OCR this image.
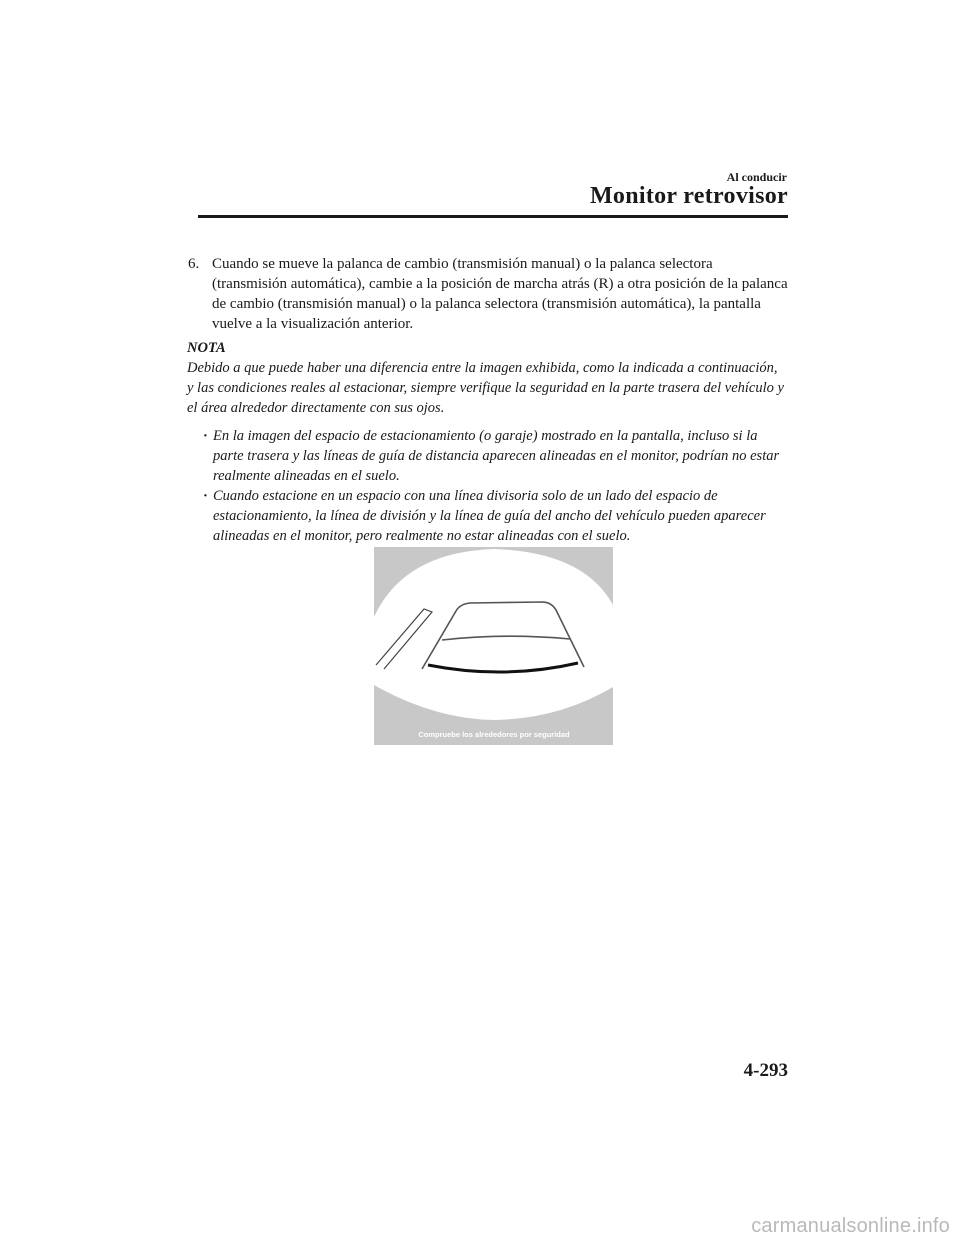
Al conducir
Monitor retrovisor
6. Cuando se mueve la palanca de cambio (transmisión manual) o la palanca selectora (transmisión automática), cambie a la posición de marcha atrás (R) a otra posición de la palanca de cambio (transmisión manual) o la palanca selectora (transmisión automática), la pantalla vuelve a la visualización anterior.
NOTA
Debido a que puede haber una diferencia entre la imagen exhibida, como la indicada a continuación, y las condiciones reales al estacionar, siempre verifique la seguridad en la parte trasera del vehículo y el área alrededor directamente con sus ojos.
· En la imagen del espacio de estacionamiento (o garaje) mostrado en la pantalla, incluso si la parte trasera y las líneas de guía de distancia aparecen alineadas en el monitor, podrían no estar realmente alineadas en el suelo.
· Cuando estacione en un espacio con una línea divisoria solo de un lado del espacio de estacionamiento, la línea de división y la línea de guía del ancho del vehículo pueden aparecer alineadas en el monitor, pero realmente no estar alineadas con el suelo.
Compruebe los alrededores por seguridad
4-293
carmanualsonline.info
